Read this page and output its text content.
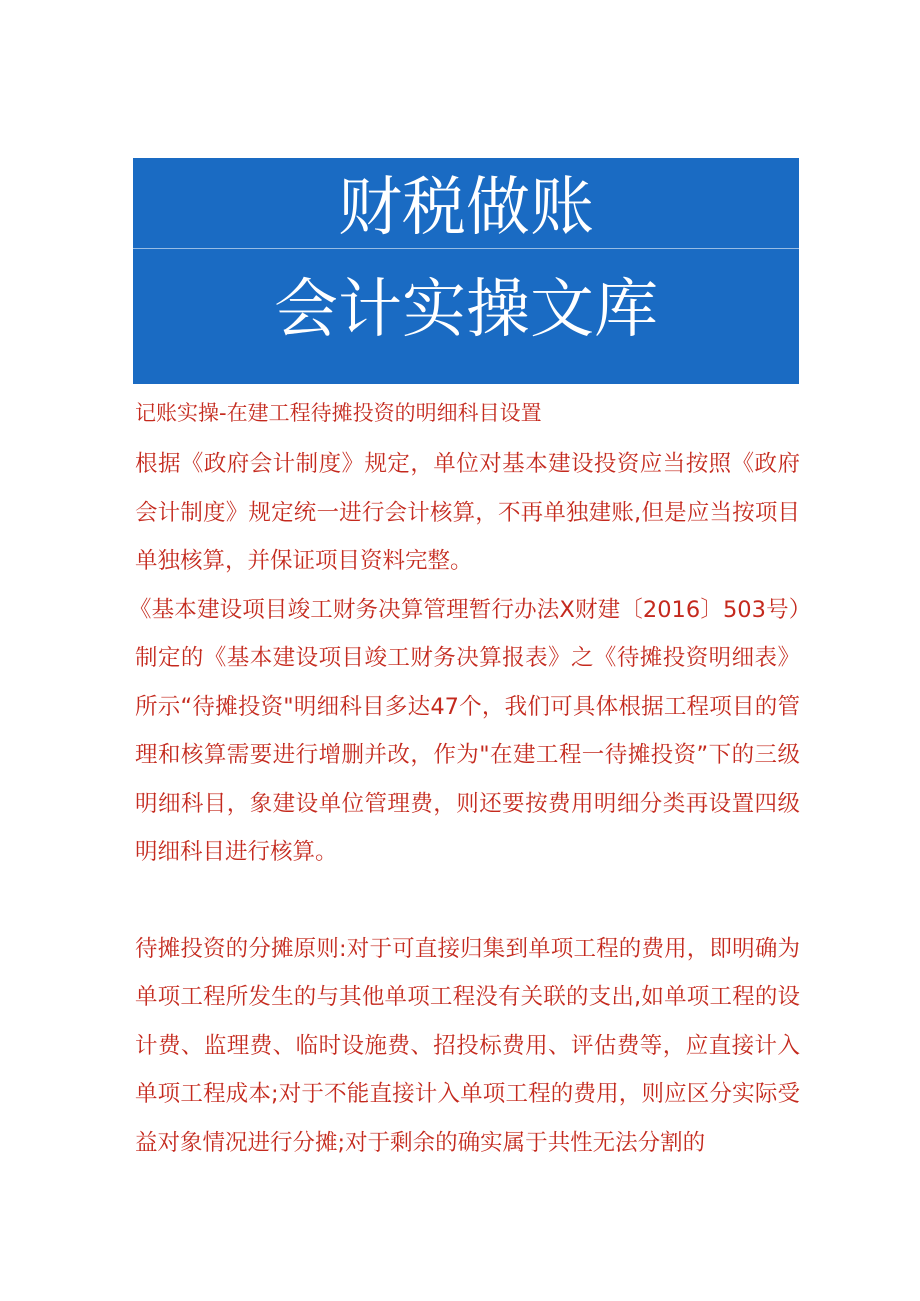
财税做账
会计实操文库
记账实操-在建工程待摊投资的明细科目设置

根据《政府会计制度》规定，单位对基本建设投资应当按照《政府会计制度》规定统一进行会计核算，不再单独建账,但是应当按项目单独核算，并保证项目资料完整。

《基本建设项目竣工财务决算管理暂行办法X财建〔2016〕503号）制定的《基本建设项目竣工财务决算报表》之《待摊投资明细表》所示“待摊投资"明细科目多达47个，我们可具体根据工程项目的管理和核算需要进行增删并改，作为"在建工程一待摊投资”下的三级明细科目，象建设单位管理费，则还要按费用明细分类再设置四级明细科目进行核算。

待摊投资的分摊原则:对于可直接归集到单项工程的费用，即明确为单项工程所发生的与其他单项工程没有关联的支出,如单项工程的设计费、监理费、临时设施费、招投标费用、评估费等，应直接计入单项工程成本;对于不能直接计入单项工程的费用，则应区分实际受益对象情况进行分摊;对于剩余的确实属于共性无法分割的
